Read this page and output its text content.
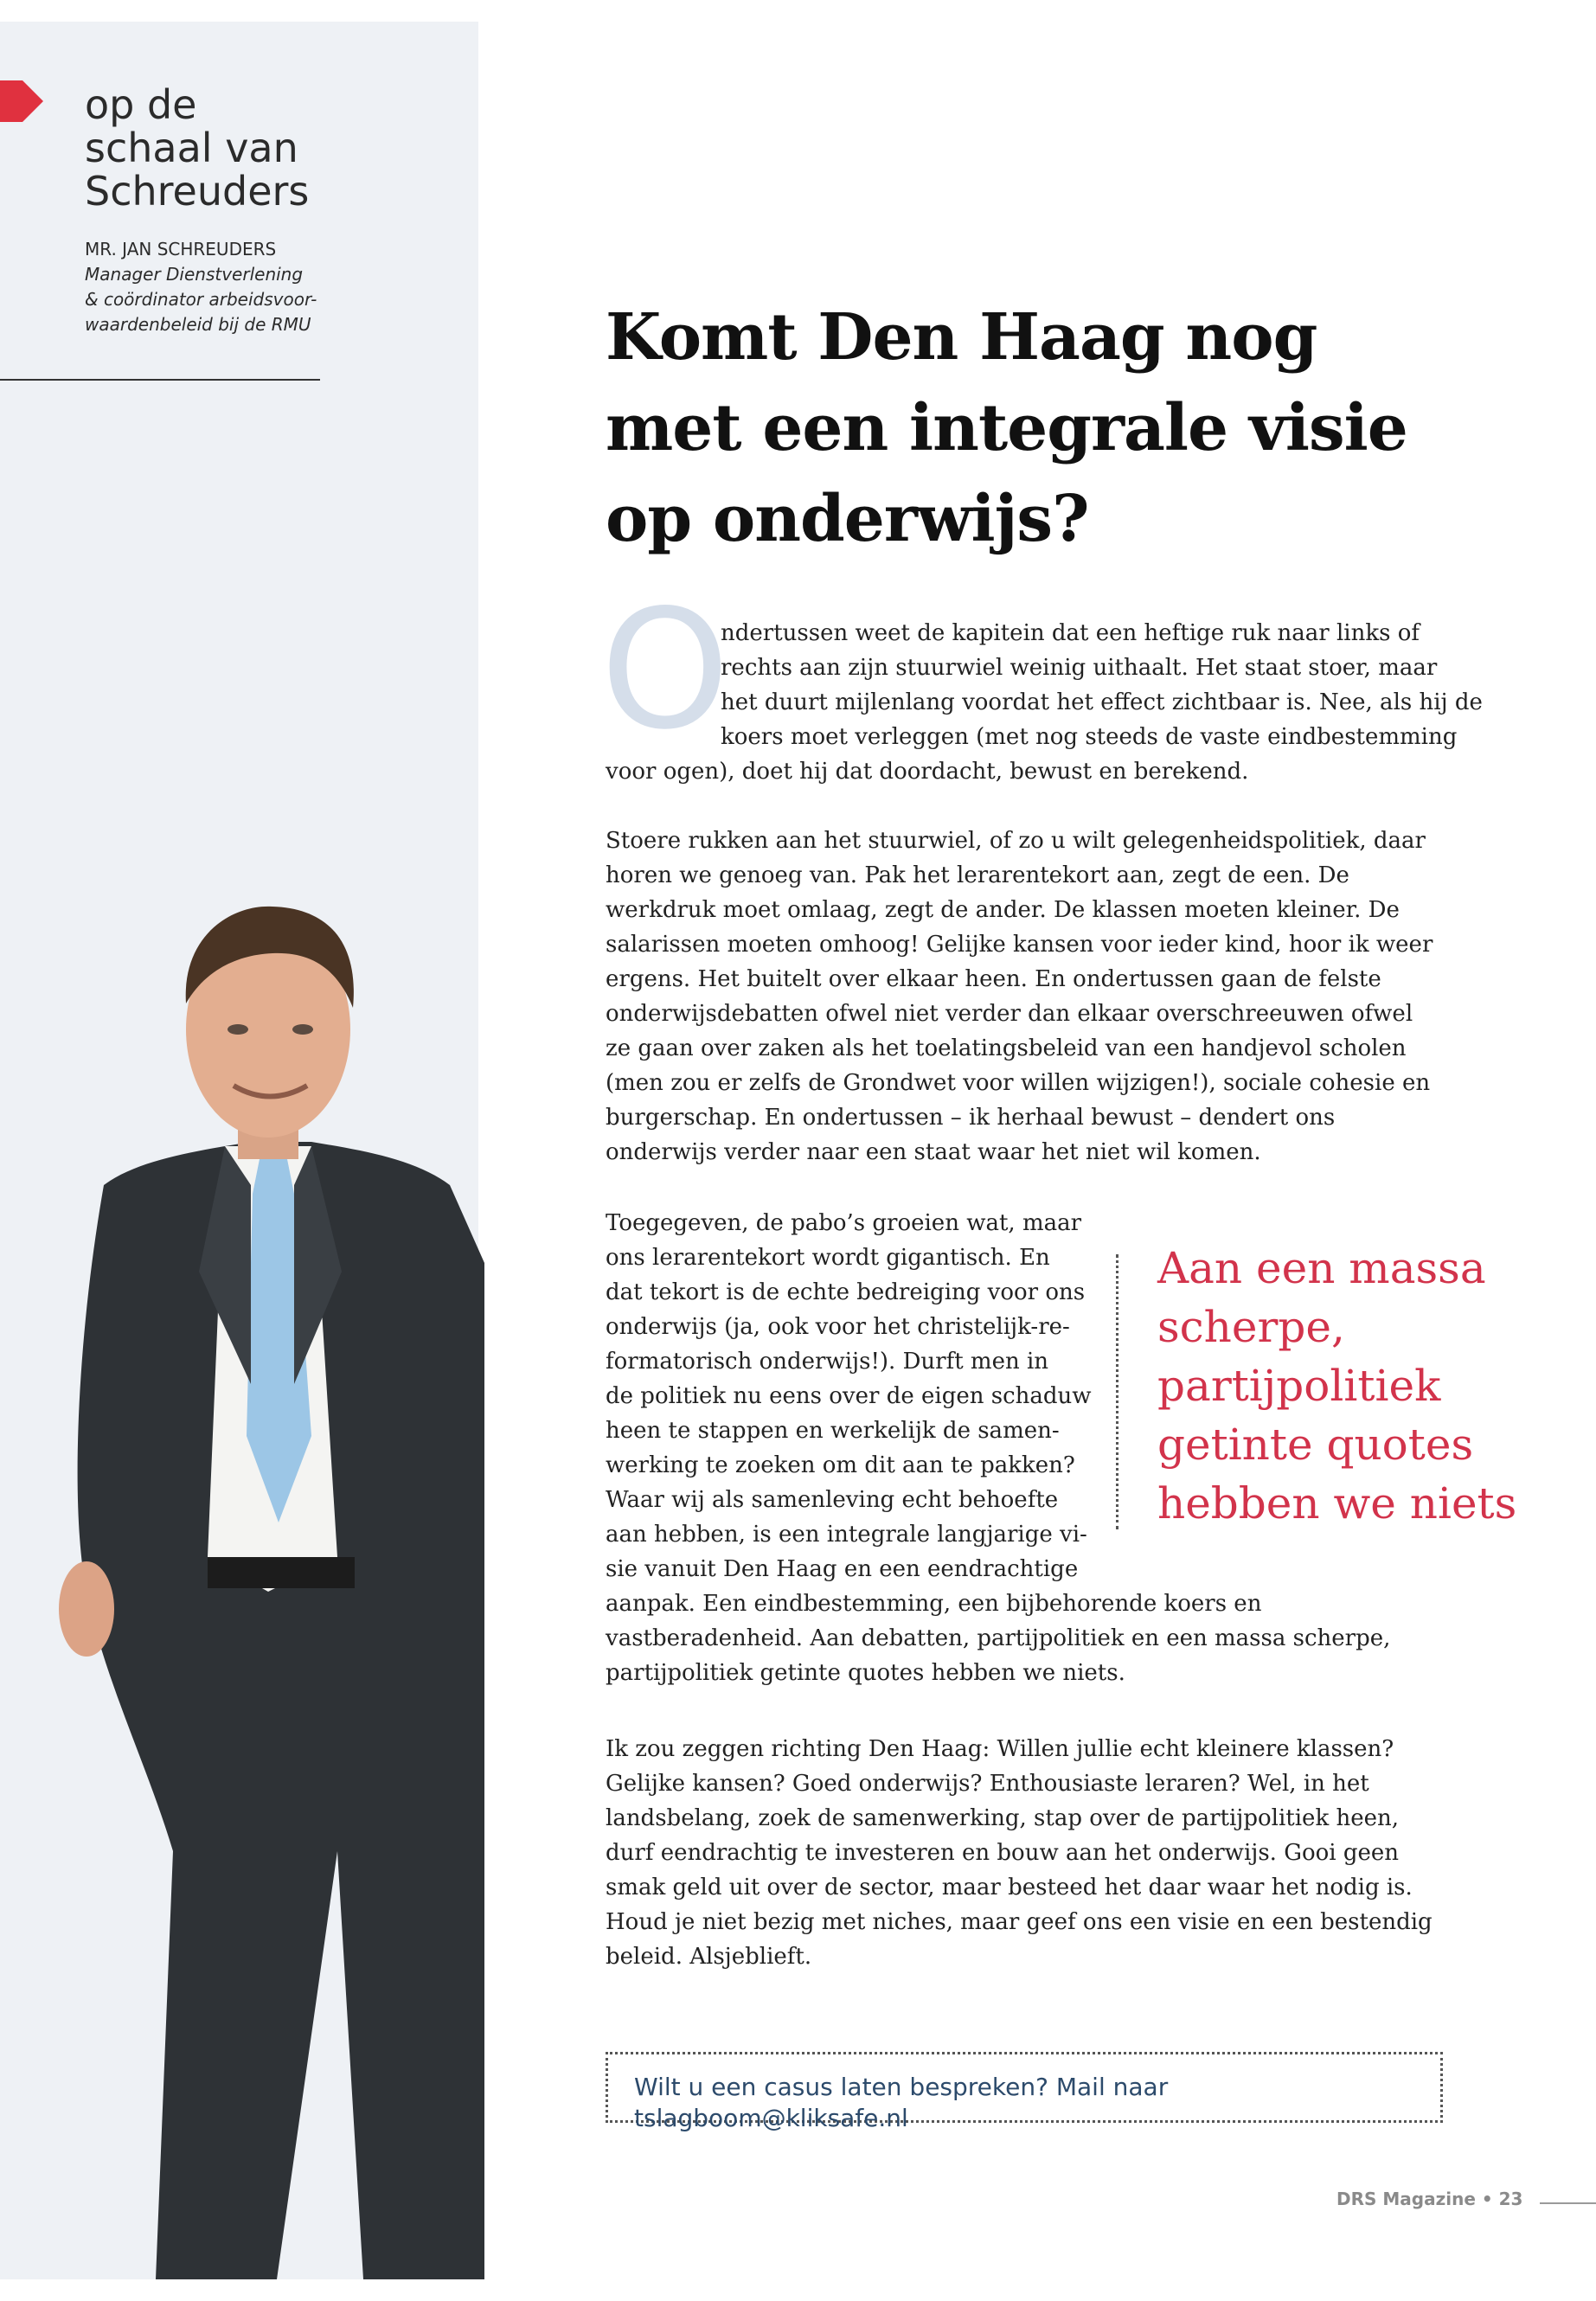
op de
schaal van
Schreuders
MR. JAN SCHREUDERS
Manager Dienstverlening
& coördinator arbeidsvoor-
waardenbeleid bij de RMU	Komt Den Haag nog
met een integrale visie
op onderwijs?
O

ndertussen weet de kapitein dat een heftige ruk naar links of

rechts aan zijn stuurwiel weinig uithaalt. Het staat stoer, maar

het duurt mijlenlang voordat het effect zichtbaar is. Nee, als hij de

koers moet verleggen (met nog steeds de vaste eindbestemming

voor ogen), doet hij dat doordacht, bewust en berekend.

Stoere rukken aan het stuurwiel, of zo u wilt gelegenheidspolitiek, daar horen we genoeg van. Pak het lerarentekort aan, zegt de een. De werkdruk moet omlaag, zegt de ander. De klassen moeten kleiner. De salarissen moeten omhoog! Gelijke kansen voor ieder kind, hoor ik weer ergens. Het buitelt over elkaar heen. En ondertussen gaan de felste onderwijsdebatten ofwel niet verder dan elkaar overschreeuwen ofwel ze gaan over zaken als het toelatingsbeleid van een handjevol scholen (men zou er zelfs de Grondwet voor willen wijzigen!), sociale cohesie en burgerschap. En ondertussen – ik herhaal bewust – dendert ons onderwijs verder naar een staat waar het niet wil komen.

Toegegeven, de pabo’s groeien wat, maar

ons lerarentekort wordt gigantisch. En

dat tekort is de echte bedreiging voor ons

onderwijs (ja, ook voor het christelijk-re-

formatorisch onderwijs!). Durft men in

de politiek nu eens over de eigen schaduw

heen te stappen en werkelijk de samen-

werking te zoeken om dit aan te pakken?

Waar wij als samenleving echt behoefte

aan hebben, is een integrale langjarige vi-

sie vanuit Den Haag en een eendrachtige

aanpak. Een eindbestemming, een bijbehorende koers en vastberadenheid. Aan debatten, partijpolitiek en een massa scherpe, partijpolitiek getinte quotes hebben we niets.

Aan een massa
scherpe,
partijpolitiek
getinte quotes
hebben we niets

Ik zou zeggen richting Den Haag: Willen jullie echt kleinere klassen? Gelijke kansen? Goed onderwijs? Enthousiaste leraren? Wel, in het landsbelang, zoek de samenwerking, stap over de partijpolitiek heen, durf eendrachtig te investeren en bouw aan het onderwijs. Gooi geen smak geld uit over de sector, maar besteed het daar waar het nodig is. Houd je niet bezig met niches, maar geef ons een visie en een bestendig beleid. Alsjeblieft.

Wilt u een casus laten bespreken? Mail naar tslagboom@kliksafe.nl
DRS Magazine • 23
